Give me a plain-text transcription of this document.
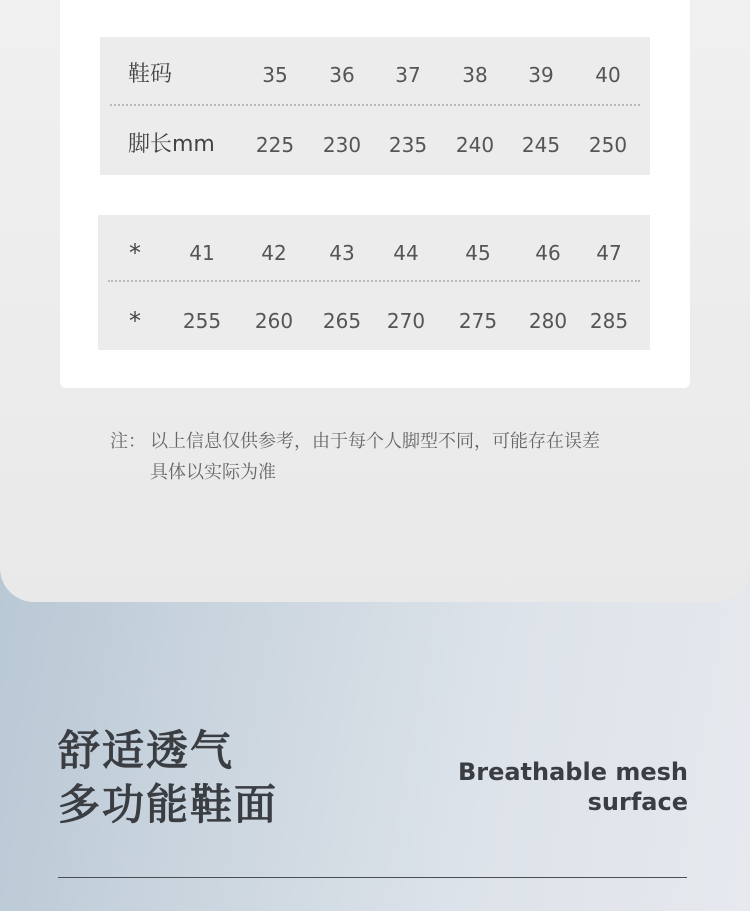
鞋码	35	36	37	38	39	40
脚长mm	225	230	235	240	245	250
*	41	42	43	44	45	46	47
*	255	260	265	270	275	280	285
注： 以上信息仅供参考，由于每个人脚型不同，可能存在误差
具体以实际为准
舒适透气
多功能鞋面
Breathable mesh
surface
